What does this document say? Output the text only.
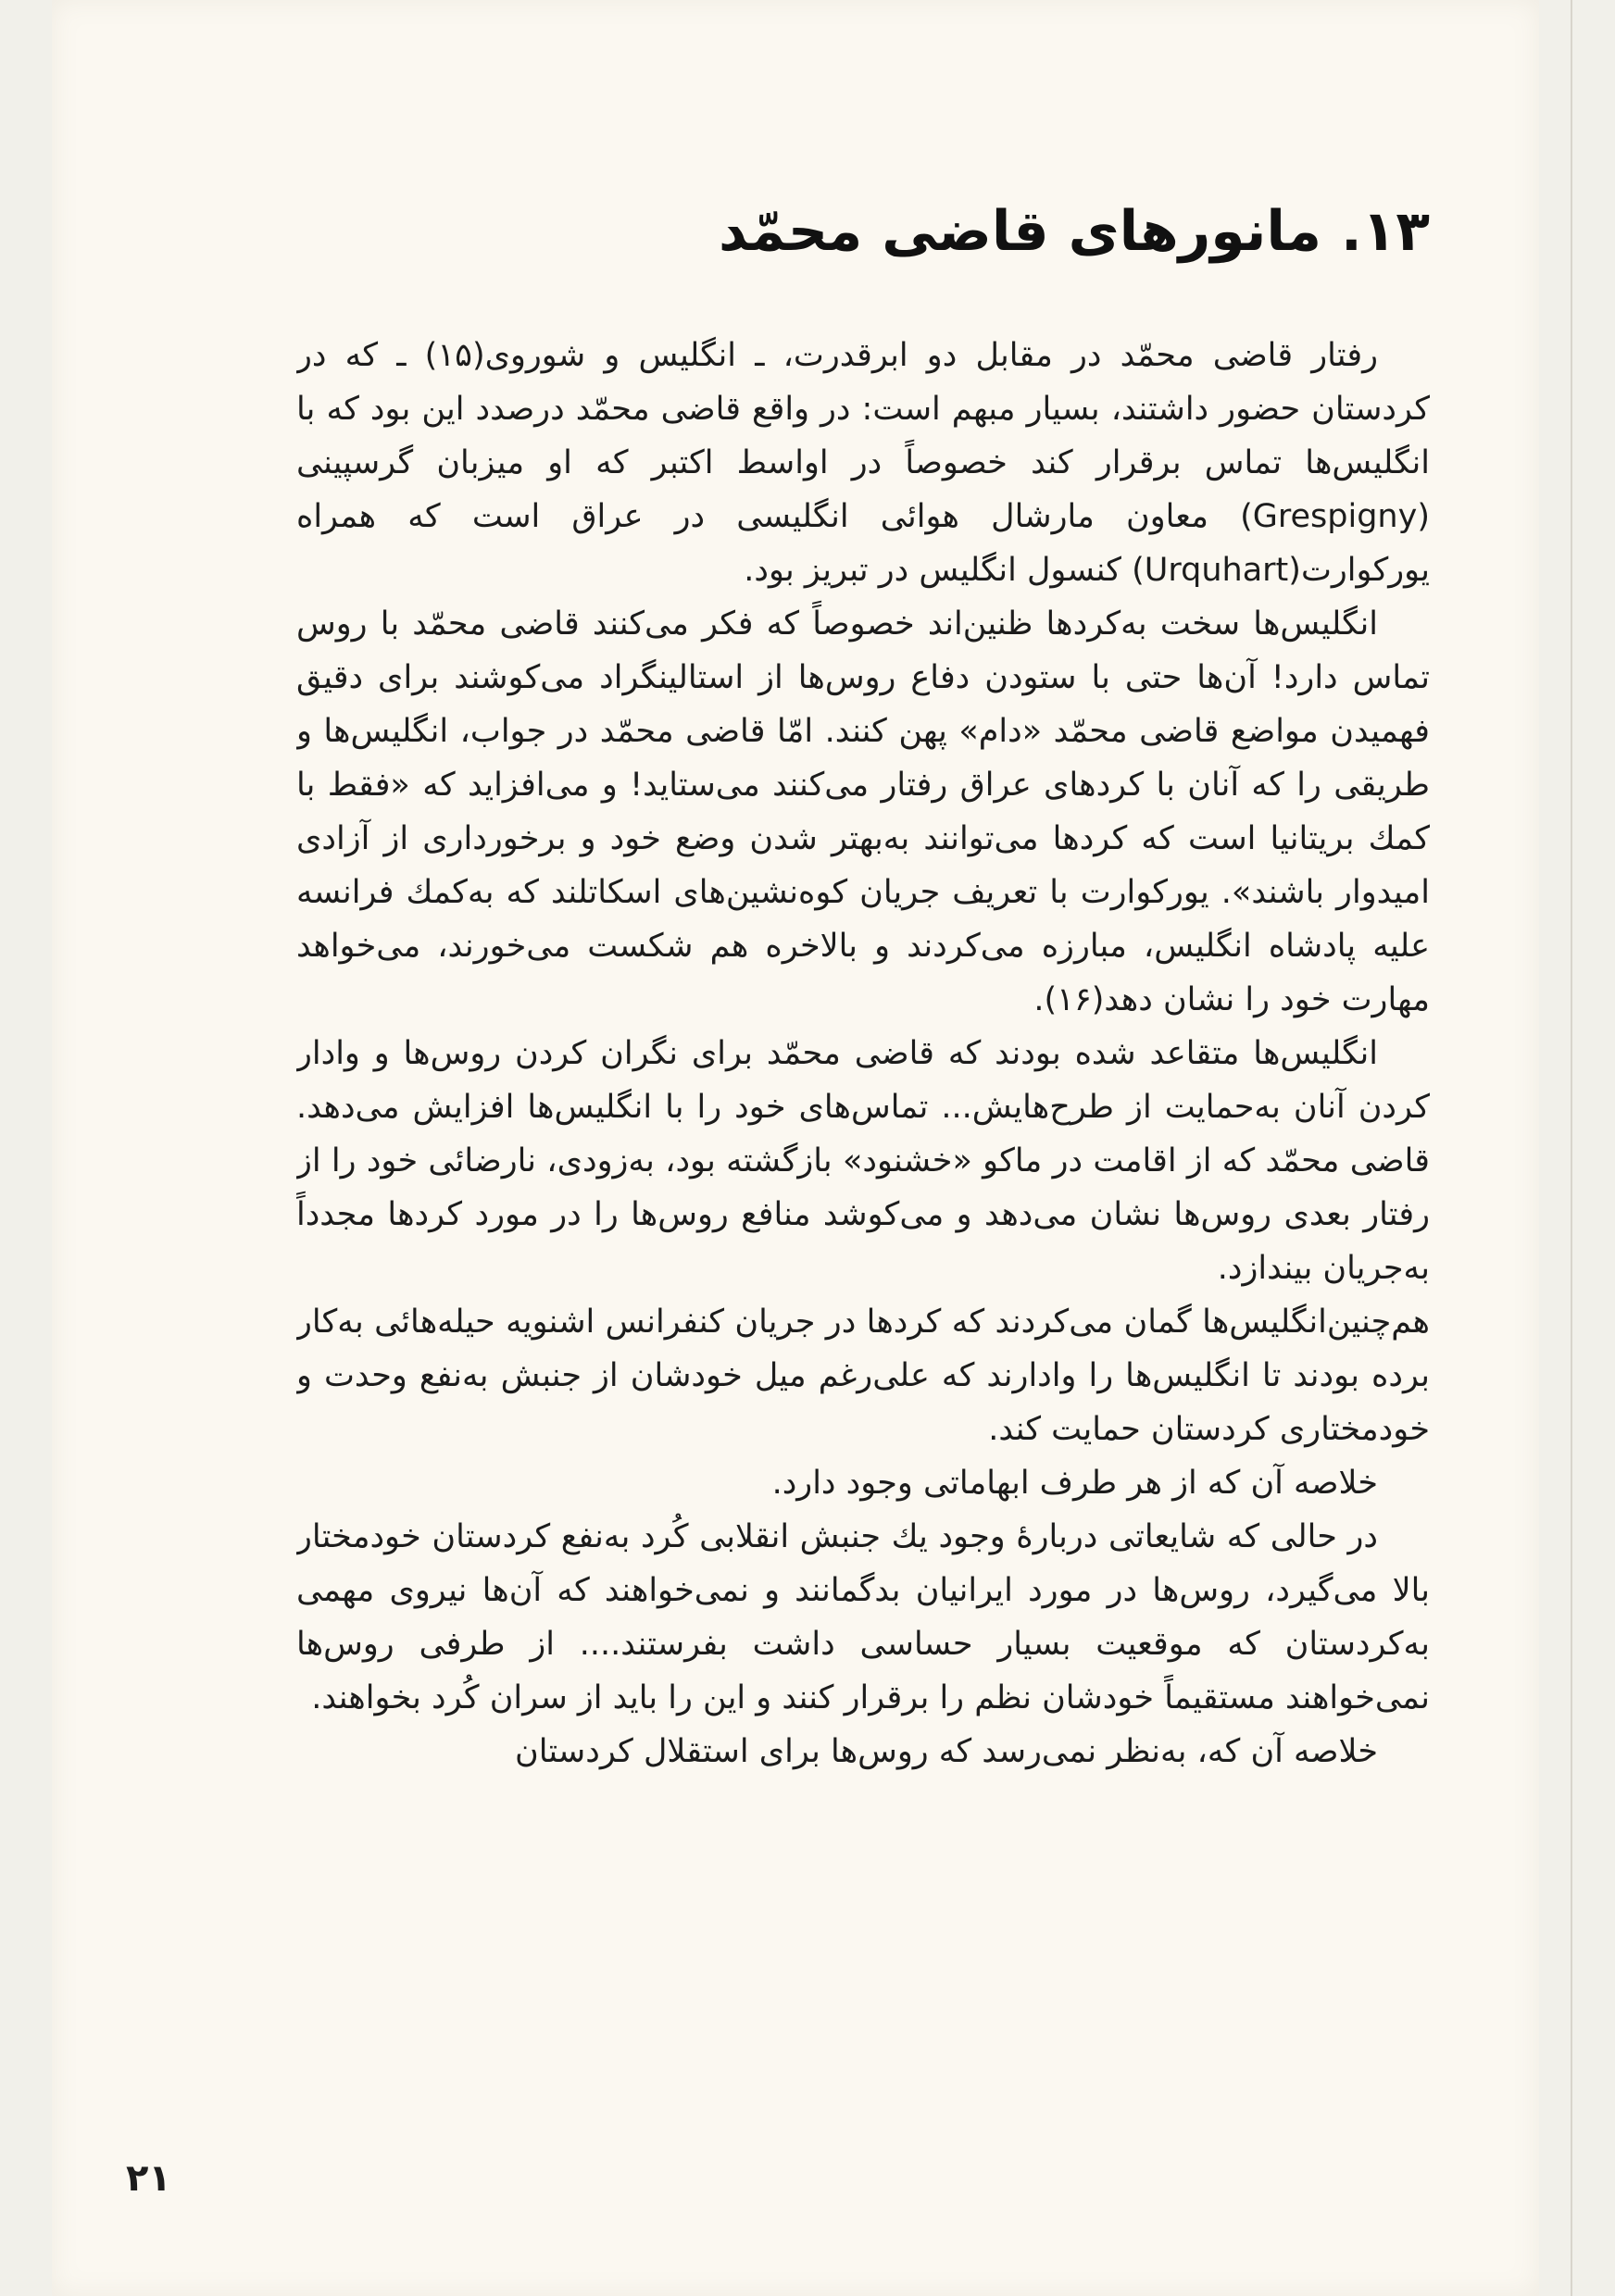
۱۳. مانورهای قاضی محمّد

رفتار قاضی محمّد در مقابل دو ابرقدرت، ـ انگلیس و شوروی(۱۵) ـ که در کردستان حضور داشتند، بسیار مبهم است: در واقع قاضی محمّد درصدد این بود که با انگلیس‌ها تماس برقرار کند خصوصاً در اواسط اکتبر که او میزبان گرسپینی (Grespigny) معاون مارشال هوائی انگلیسی در عراق است که همراه یورکوارت(Urquhart) کنسول انگلیس در تبریز بود.

انگلیس‌ها سخت به‌کردها ظنین‌اند خصوصاً که فکر می‌کنند قاضی محمّد با روس تماس دارد! آن‌ها حتی با ستودن دفاع روس‌ها از استالینگراد می‌کوشند برای دقیق فهمیدن مواضع قاضی محمّد «دام» پهن کنند. امّا قاضی محمّد در جواب، انگلیس‌ها و طریقی را که آنان با کردهای عراق رفتار می‌کنند می‌ستاید! و می‌افزاید که «فقط با کمك بریتانیا است که کردها می‌توانند به‌بهتر شدن وضع خود و برخورداری از آزادی امیدوار باشند». یورکوارت با تعریف جریان کوه‌نشین‌های اسکاتلند که به‌کمك فرانسه علیه پادشاه انگلیس، مبارزه می‌کردند و بالاخره هم شکست می‌خورند، می‌خواهد مهارت خود را نشان دهد(۱۶).

انگلیس‌ها متقاعد شده بودند که قاضی محمّد برای نگران کردن روس‌ها و وادار کردن آنان به‌حمایت از طرح‌هایش... تماس‌های خود را با انگلیس‌ها افزایش می‌دهد. قاضی محمّد که از اقامت در ماکو «خشنود» بازگشته بود، به‌زودی، نارضائی خود را از رفتار بعدی روس‌ها نشان می‌دهد و می‌کوشد منافع روس‌ها را در مورد کردها مجدداً به‌جریان بیندازد.

هم‌چنین‌انگلیس‌ها گمان می‌کردند که کردها در جریان کنفرانس اشنویه حیله‌هائی به‌کار برده بودند تا انگلیس‌ها را وادارند که علی‌رغم میل خودشان از جنبش به‌نفع وحدت و خودمختاری کردستان حمایت کند.

خلاصه آن که از هر طرف ابهاماتی وجود دارد.

در حالی که شایعاتی دربارهٔ وجود یك جنبش انقلابی کُرد به‌نفع کردستان خودمختار بالا می‌گیرد، روس‌ها در مورد ایرانیان بدگمانند و نمی‌خواهند که آن‌ها نیروی مهمی به‌کردستان که موقعیت بسیار حساسی داشت بفرستند.... از طرفی روس‌ها نمی‌خواهند مستقیماً خودشان نظم را برقرار کنند و این را باید از سران کُرد بخواهند.

خلاصه آن که، به‌نظر نمی‌رسد که روس‌ها برای استقلال کردستان

۲۱
